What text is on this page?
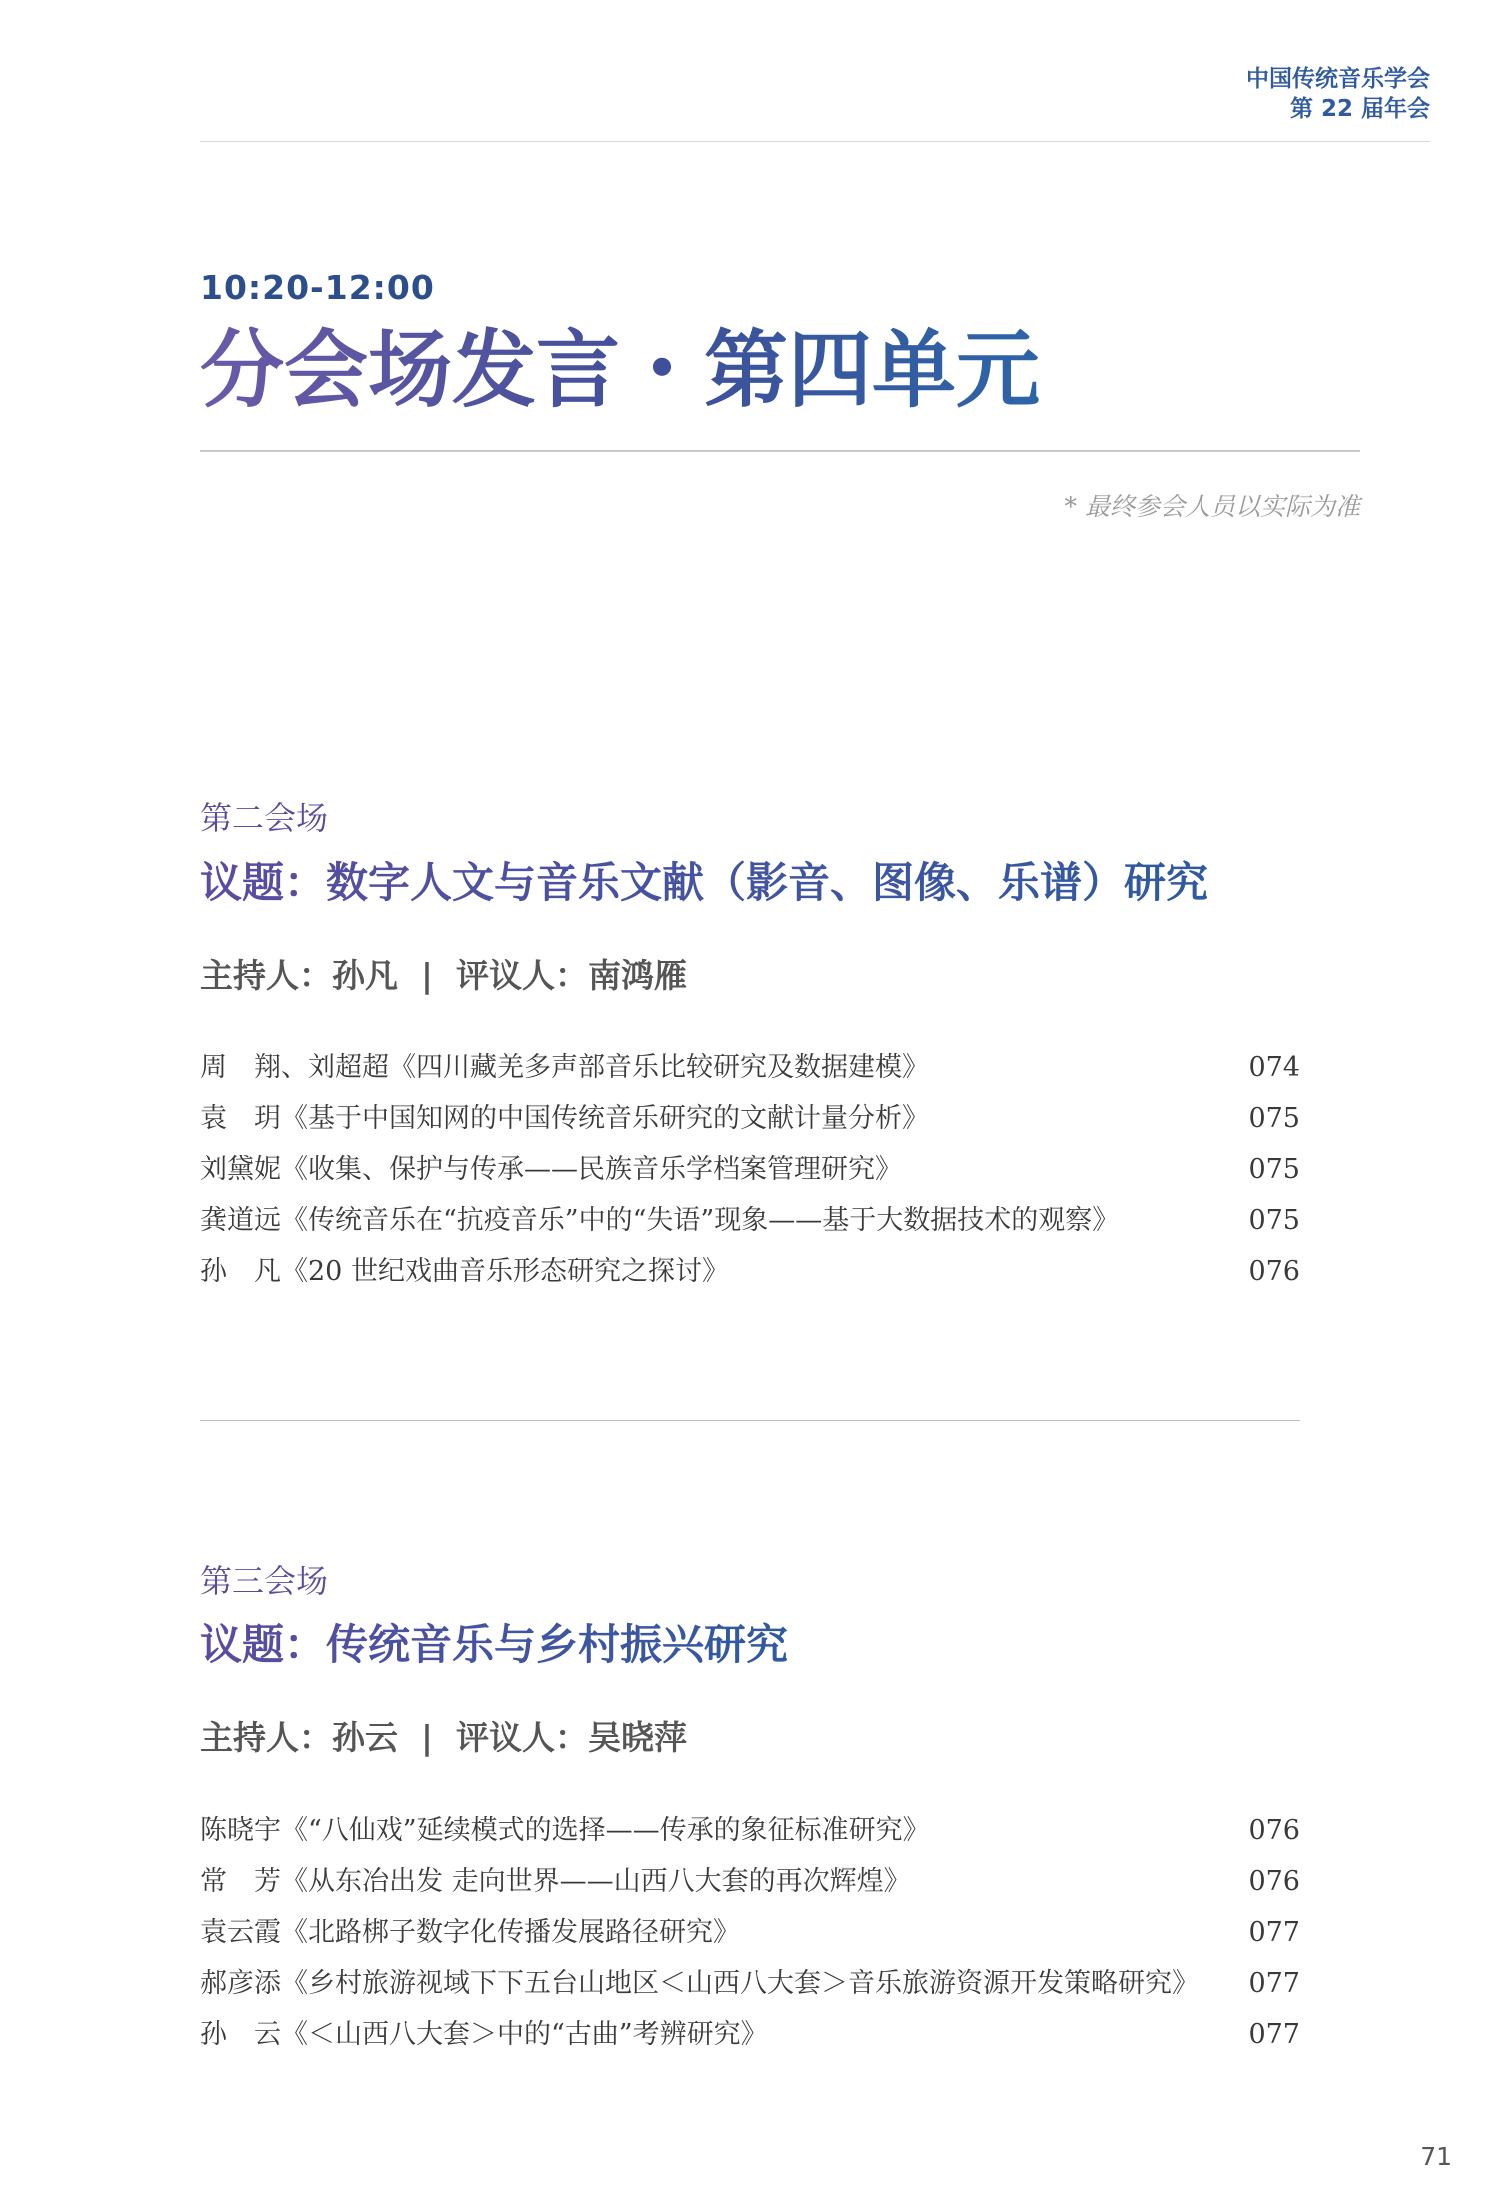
中国传统音乐学会
第 22 届年会
10:20-12:00
分会场发言・第四单元
* 最终参会人员以实际为准
第二会场
议题：数字人文与音乐文献（影音、图像、乐谱）研究
主持人：孙凡  |  评议人：南鸿雁
周　翔、刘超超《四川藏羌多声部音乐比较研究及数据建模》	074
袁　玥《基于中国知网的中国传统音乐研究的文献计量分析》	075
刘黛妮《收集、保护与传承——民族音乐学档案管理研究》	075
龚道远《传统音乐在“抗疫音乐”中的“失语”现象——基于大数据技术的观察》	075
孙　凡《20 世纪戏曲音乐形态研究之探讨》	076
第三会场
议题：传统音乐与乡村振兴研究
主持人：孙云  |  评议人：吴晓萍
陈晓宇《“八仙戏”延续模式的选择——传承的象征标准研究》	076
常　芳《从东冶出发 走向世界——山西八大套的再次辉煌》	076
袁云霞《北路梆子数字化传播发展路径研究》	077
郝彦添《乡村旅游视域下下五台山地区＜山西八大套＞音乐旅游资源开发策略研究》	077
孙　云《＜山西八大套＞中的“古曲”考辨研究》	077
71
